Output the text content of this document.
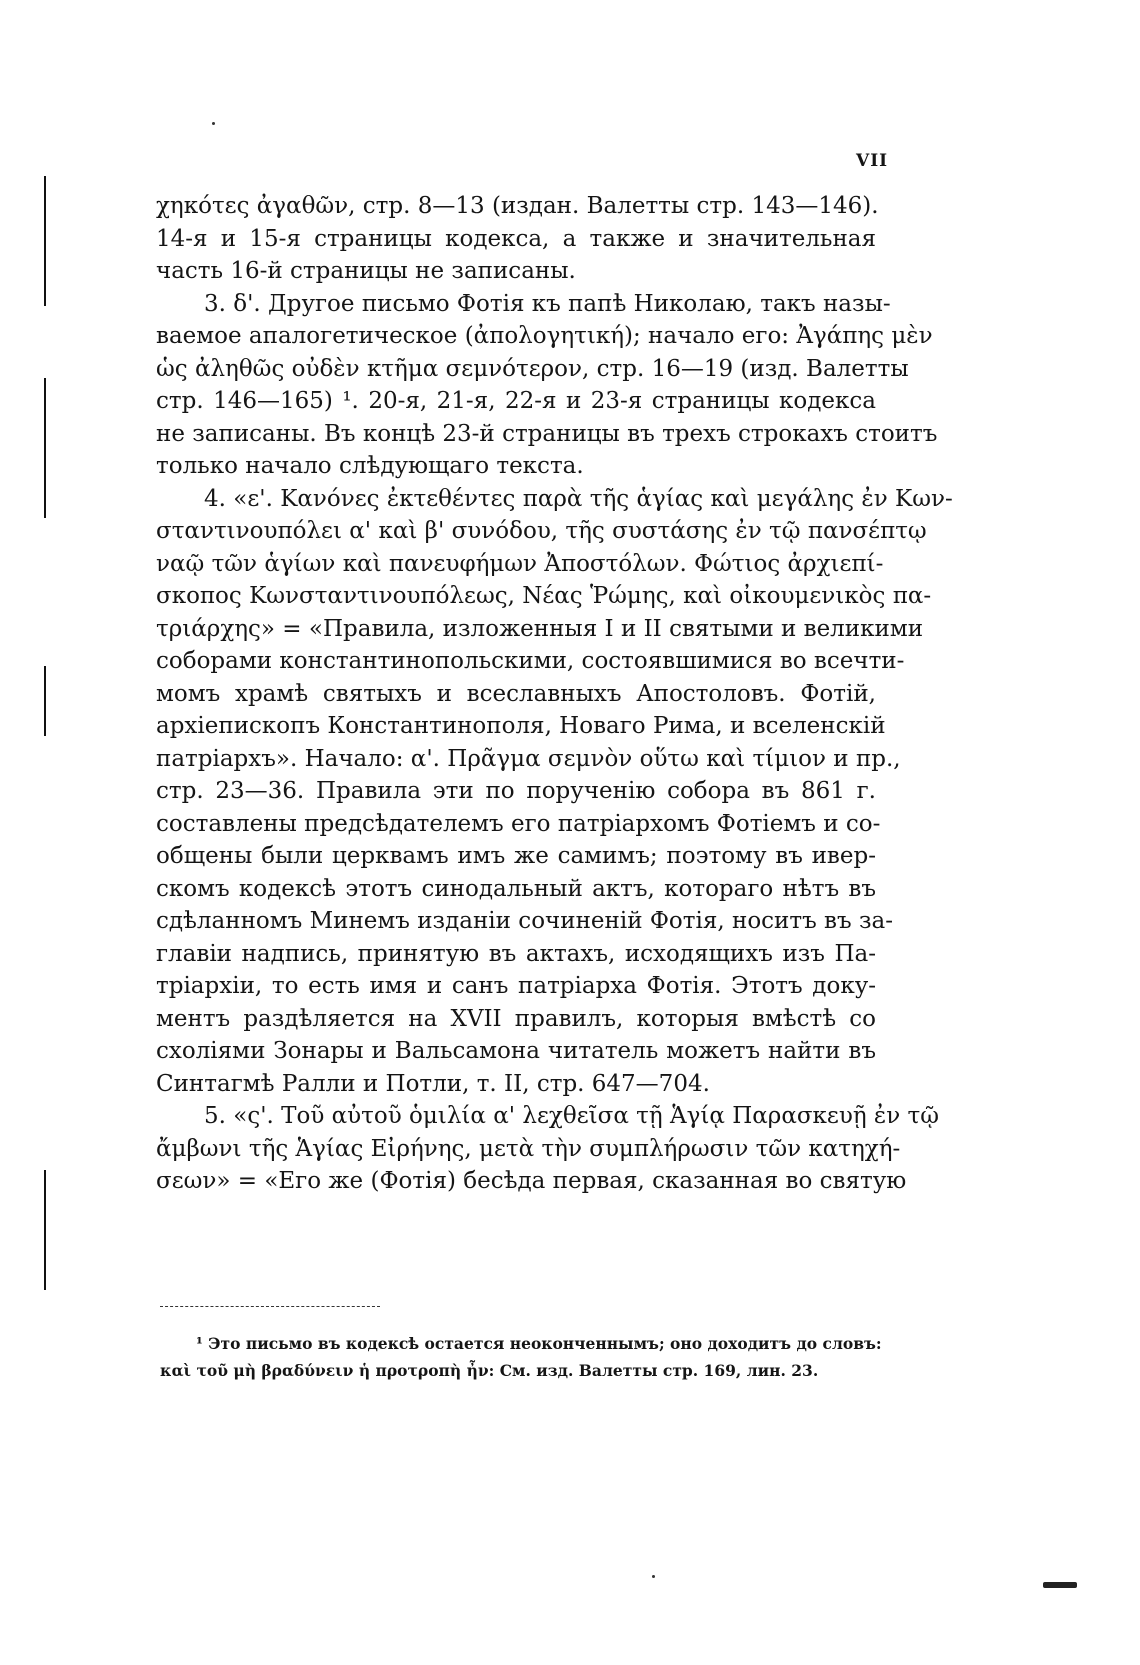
VII
χηκότες ἀγαθῶν, стр. 8—13 (издан. Валетты стр. 143—146).
14-я и 15-я страницы кодекса, а также и значительная
часть 16-й страницы не записаны.
3. δ'. Другое письмо Фотія къ папѣ Николаю, такъ назы-
ваемое апалогетическое (ἀπολογητική); начало его: Ἀγάπης μὲν
ὡς ἀληθῶς οὐδὲν κτῆμα σεμνότερον, стр. 16—19 (изд. Валетты
стр. 146—165) ¹. 20-я, 21-я, 22-я и 23-я страницы кодекса
не записаны. Въ концѣ 23-й страницы въ трехъ строкахъ стоитъ
только начало слѣдующаго текста.
4. «ε'. Κανόνες ἐκτεθέντες παρὰ τῆς ἁγίας καὶ μεγάλης ἐν Κων-
σταντινουπόλει α' καὶ β' συνόδου, τῆς συστάσης ἐν τῷ πανσέπτῳ
ναῷ τῶν ἁγίων καὶ πανευφήμων Ἀποστόλων. Φώτιος ἀρχιεπί-
σκοπος Κωνσταντινουπόλεως, Νέας Ῥώμης, καὶ οἰκουμενικὸς πα-
τριάρχης» = «Правила, изложенныя I и II святыми и великими
соборами константинопольскими, состоявшимися во всечти-
момъ храмѣ святыхъ и всеславныхъ Апостоловъ. Фотій,
архіепископъ Константинополя, Новаго Рима, и вселенскій
патріархъ». Начало: α'. Πρᾶγμα σεμνὸν οὕτω καὶ τίμιον и пр.,
стр. 23—36. Правила эти по порученію собора въ 861 г.
составлены предсѣдателемъ его патріархомъ Фотіемъ и со-
общены были церквамъ имъ же самимъ; поэтому въ ивер-
скомъ кодексѣ этотъ синодальный актъ, котораго нѣтъ въ
сдѣланномъ Минемъ изданіи сочиненій Фотія, носитъ въ за-
главіи надпись, принятую въ актахъ, исходящихъ изъ Па-
тріархіи, то есть имя и санъ патріарха Фотія. Этотъ доку-
ментъ раздѣляется на XVII правилъ, которыя вмѣстѣ со
схоліями Зонары и Вальсамона читатель можетъ найти въ
Синтагмѣ Ралли и Потли, т. II, стр. 647—704.
5. «ς'. Τοῦ αὐτοῦ ὁμιλία α' λεχθεῖσα τῇ Ἁγίᾳ Παρασκευῇ ἐν τῷ
ἄμβωνι τῆς Ἁγίας Εἰρήνης, μετὰ τὴν συμπλήρωσιν τῶν κατηχή-
σεων» = «Его же (Фотія) бесѣда первая, сказанная во святую
¹ Это письмо въ кодексѣ остается неоконченнымъ; оно доходитъ до словъ:
καὶ τοῦ μὴ βραδύνειν ἡ προτροπὴ ἦν: См. изд. Валетты стр. 169, лин. 23.
